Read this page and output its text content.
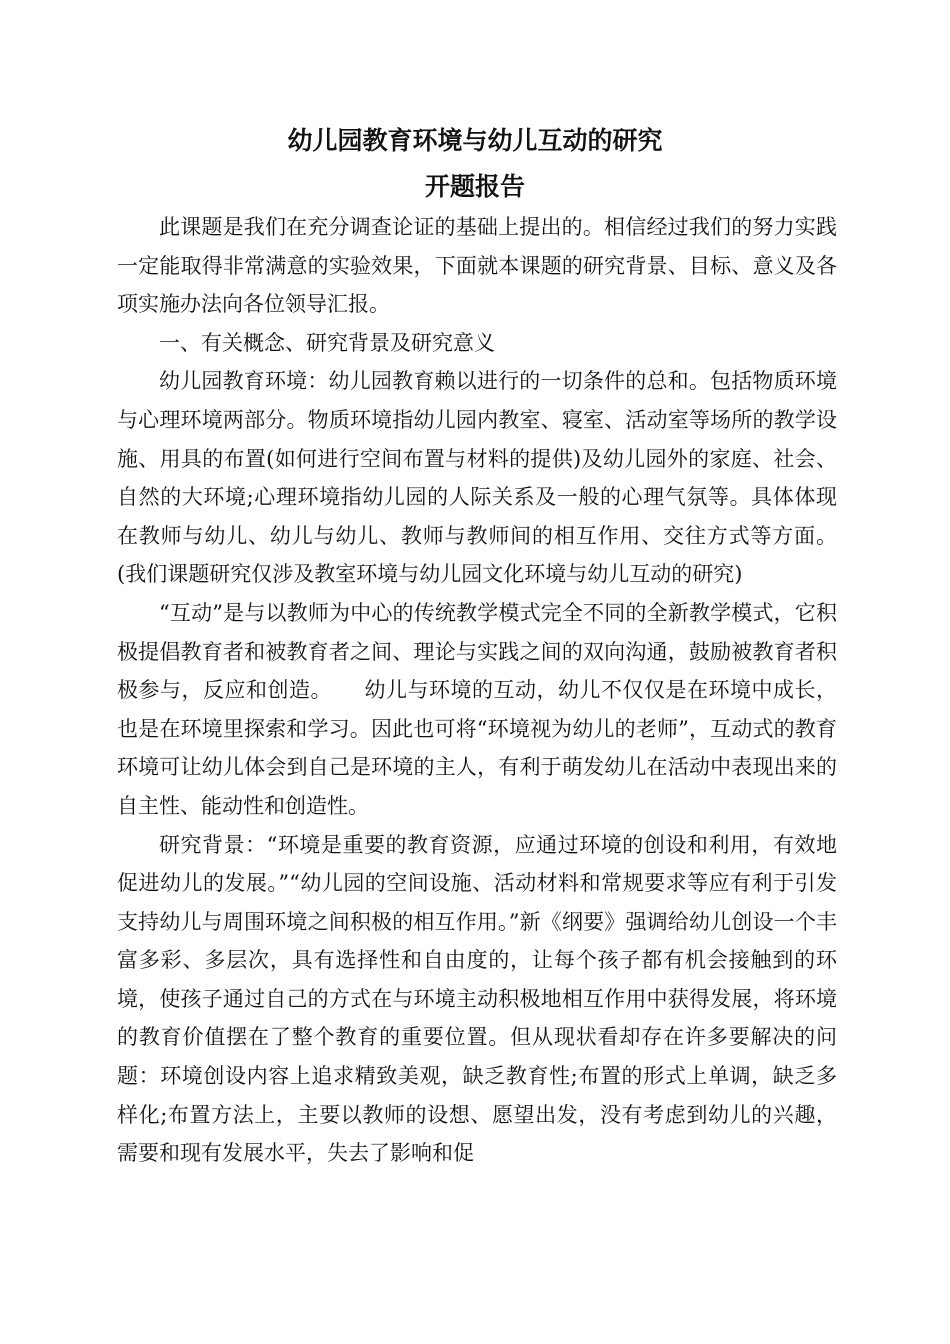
幼儿园教育环境与幼儿互动的研究
开题报告

此课题是我们在充分调查论证的基础上提出的。相信经过我们的努力实践一定能取得非常满意的实验效果，下面就本课题的研究背景、目标、意义及各项实施办法向各位领导汇报。

一、有关概念、研究背景及研究意义

幼儿园教育环境：幼儿园教育赖以进行的一切条件的总和。包括物质环境与心理环境两部分。物质环境指幼儿园内教室、寝室、活动室等场所的教学设施、用具的布置(如何进行空间布置与材料的提供)及幼儿园外的家庭、社会、自然的大环境;心理环境指幼儿园的人际关系及一般的心理气氛等。具体体现在教师与幼儿、幼儿与幼儿、教师与教师间的相互作用、交往方式等方面。(我们课题研究仅涉及教室环境与幼儿园文化环境与幼儿互动的研究)

“互动”是与以教师为中心的传统教学模式完全不同的全新教学模式，它积极提倡教育者和被教育者之间、理论与实践之间的双向沟通，鼓励被教育者积极参与，反应和创造。　　幼儿与环境的互动，幼儿不仅仅是在环境中成长，也是在环境里探索和学习。因此也可将“环境视为幼儿的老师”，互动式的教育环境可让幼儿体会到自己是环境的主人，有利于萌发幼儿在活动中表现出来的自主性、能动性和创造性。

研究背景：“环境是重要的教育资源，应通过环境的创设和利用，有效地促进幼儿的发展。”“幼儿园的空间设施、活动材料和常规要求等应有利于引发支持幼儿与周围环境之间积极的相互作用。”新《纲要》强调给幼儿创设一个丰富多彩、多层次，具有选择性和自由度的，让每个孩子都有机会接触到的环境，使孩子通过自己的方式在与环境主动积极地相互作用中获得发展，将环境的教育价值摆在了整个教育的重要位置。但从现状看却存在许多要解决的问题：环境创设内容上追求精致美观，缺乏教育性;布置的形式上单调，缺乏多样化;布置方法上，主要以教师的设想、愿望出发，没有考虑到幼儿的兴趣，需要和现有发展水平，失去了影响和促
